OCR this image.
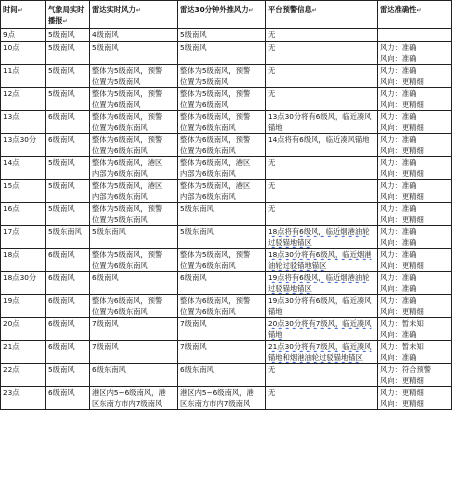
时间↵	气象局实时播报↵	雷达实时风力↵	雷达30分钟外推风力↵	平台预警信息↵	雷达准确性↵
9点	5级南风	4级南风	5级南风	无	

10点	5级南风	5级南风	5级南风	无	风力：准确
风向：准确

11点	5级南风	整体为5级南风，预警
位置为5级南风	整体为5级南风，预警
位置为5级南风	无	风力：准确
风向：更精细

12点	5级南风	整体为5级南风，预警
位置为6级南风	整体为5级南风，预警
位置为6级南风	无	风力：准确
风向：更精细

13点	6级南风	整体为6级南风，预警
位置为6级东南风	整体为6级南风，预警
位置为6级东南风	13点30分将有6级风，临近凑风
锚地	风力：准确
风向：更精细

13点30分	6级南风	整体为6级南风，预警
位置为6级东南风	整体为6级南风，预警
位置为6级东南风	14点将有6级风，临近凑风锚地	风力：准确
风向：更精细

14点	5级南风	整体为6级南风，港区
内部为6级东南风	整体为6级南风，港区
内部为6级东南风	无	风力：准确
风向：更精细

15点	5级南风	整体为5级南风，港区
内部为6级东南风	整体为5级南风，港区
内部为6级东南风	无	风力：准确
风向：更精细

16点	5级南风	整体为5级南风，预警
位置为5级东南风	5级东南风	无	风力：准确
风向：更精细

17点	5级东南风	5级东南风	5级东南风	18点将有6级风，临近烟港油轮
过驳锚地锚区	风力：准确
风向：准确

18点	6级南风	整体为5级南风，预警
位置为6级东南风	整体为5级南风，预警
位置为6级东南风	18点30分将有6级风，临近烟港
油轮过驳锚地锚区	风力：准确
风向：更精细

18点30分	6级南风	6级南风	6级南风	19点将有6级风，临近烟港油轮
过驳锚地锚区	风力：准确
风向：准确

19点	6级南风	整体为6级南风，预警
位置为6级东南风	整体为6级南风，预警
位置为6级东南风	19点30分将有6级风，临近凑风
锚地	风力：准确
风向：更精细

20点	6级南风	7级南风	7级南风	20点30分将有7级风，临近凑风
锚地	风力：暂未知
风向：准确

21点	6级南风	7级南风	7级南风	21点30分将有7级风，临近凑风
锚地和烟港油轮过驳锚地锚区	风力：暂未知
风向：准确

22点	5级南风	6级东南风	6级东南风	无	风力：符合预警
风向：更精细

23点	6级南风	港区内5~6级南风，港
区东南方市内7级南风	港区内5~6级南风，港
区东南方市内7级南风	无	风力：更精细
风向：更精细
